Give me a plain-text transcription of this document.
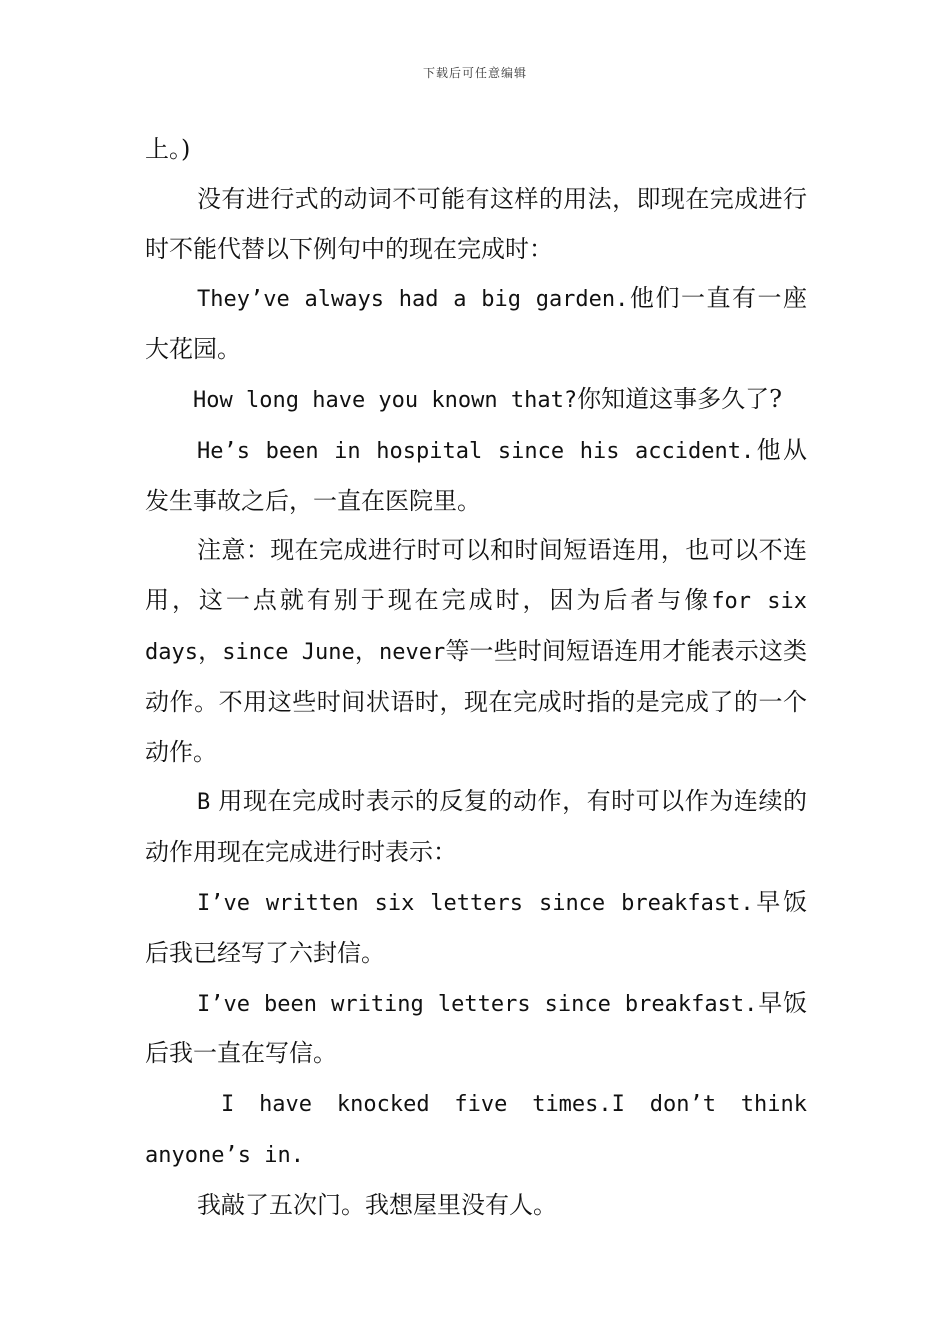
下载后可任意编辑

上。)

没有进行式的动词不可能有这样的用法，即现在完成进行时不能代替以下例句中的现在完成时：

They’ve always had a big garden.他们一直有一座大花园。

How long have you known that?你知道这事多久了?

He’s been in hospital since his accident.他从发生事故之后，一直在医院里。

注意：现在完成进行时可以和时间短语连用，也可以不连用，这一点就有别于现在完成时，因为后者与像for six days，since June，never等一些时间短语连用才能表示这类动作。不用这些时间状语时，现在完成时指的是完成了的一个动作。

B 用现在完成时表示的反复的动作，有时可以作为连续的动作用现在完成进行时表示：

I’ve written six letters since breakfast.早饭后我已经写了六封信。

I’ve been writing letters since breakfast.早饭后我一直在写信。

I have knocked five times.I don’t think

anyone’s in.

我敲了五次门。我想屋里没有人。
